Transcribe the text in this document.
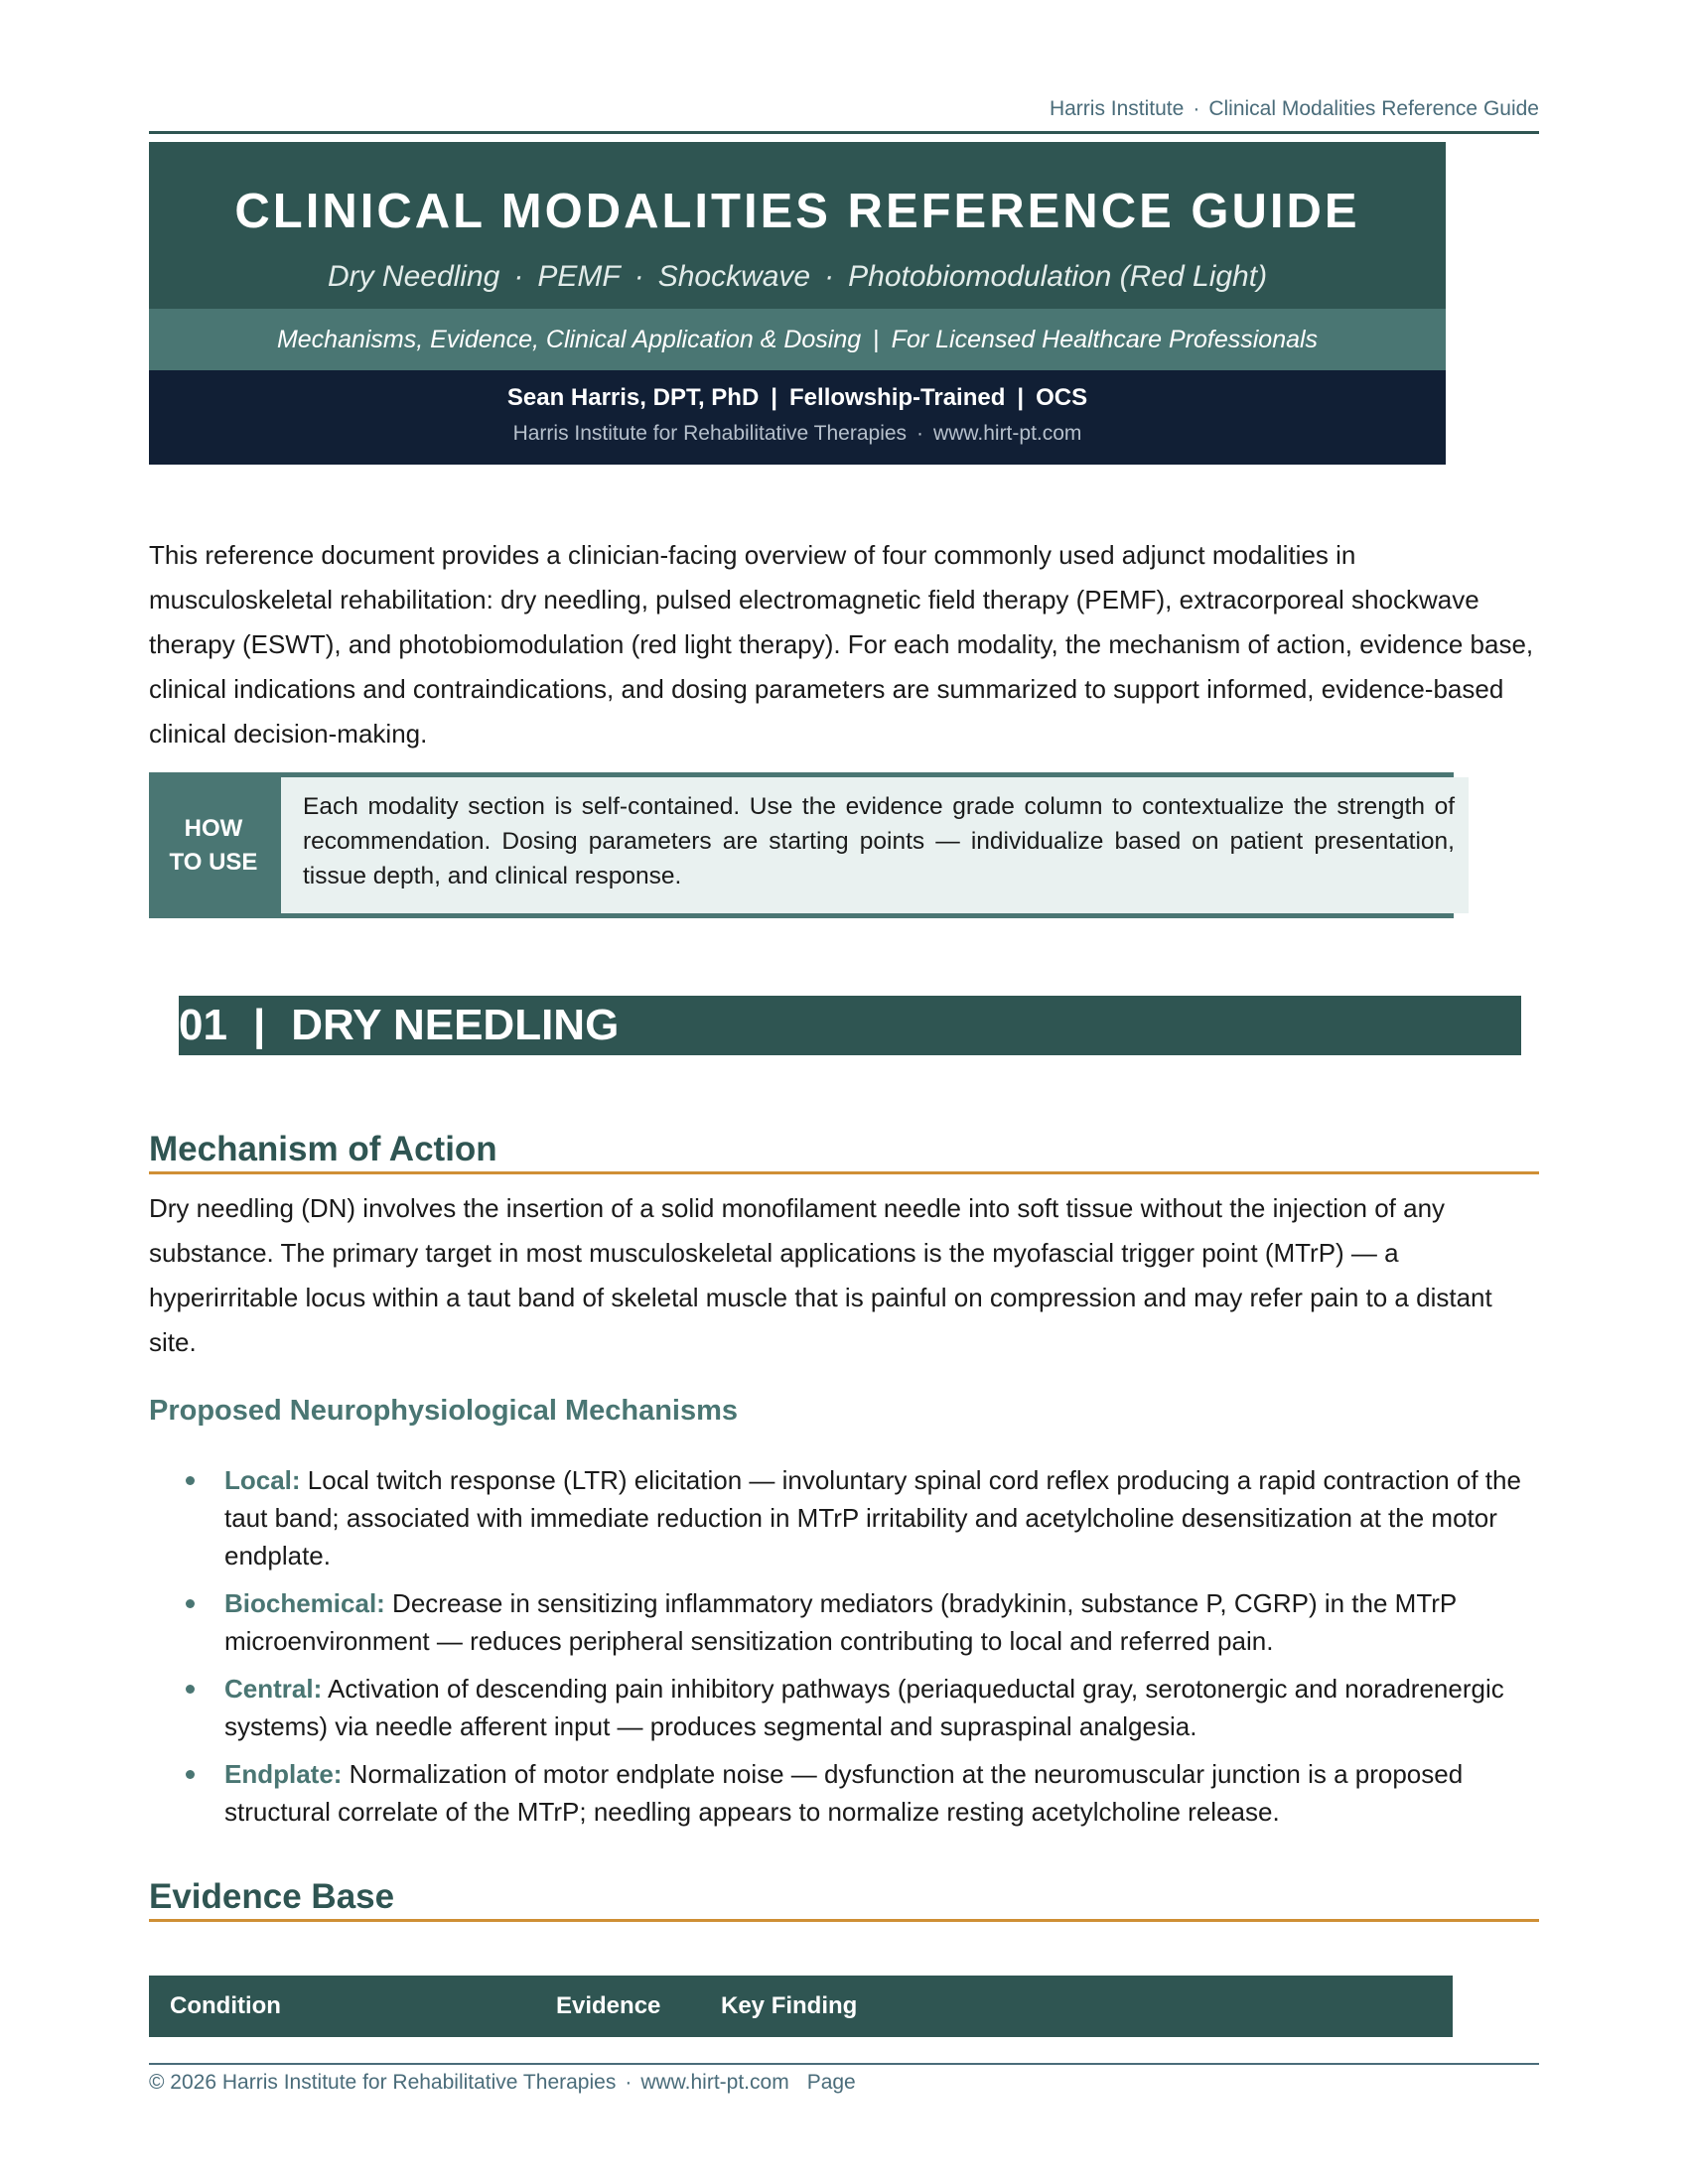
Harris Institute · Clinical Modalities Reference Guide
CLINICAL MODALITIES REFERENCE GUIDE
Dry Needling · PEMF · Shockwave · Photobiomodulation (Red Light)
Mechanisms, Evidence, Clinical Application & Dosing | For Licensed Healthcare Professionals
Sean Harris, DPT, PhD | Fellowship-Trained | OCS
Harris Institute for Rehabilitative Therapies · www.hirt-pt.com

This reference document provides a clinician-facing overview of four commonly used adjunct modalities in musculoskeletal rehabilitation: dry needling, pulsed electromagnetic field therapy (PEMF), extracorporeal shockwave therapy (ESWT), and photobiomodulation (red light therapy). For each modality, the mechanism of action, evidence base, clinical indications and contraindications, and dosing parameters are summarized to support informed, evidence-based clinical decision-making.

HOW
TO USE
Each modality section is self-contained. Use the evidence grade column to contextualize the strength of recommendation. Dosing parameters are starting points — individualize based on patient presentation, tissue depth, and clinical response.
01 | DRY NEEDLING
Mechanism of Action

Dry needling (DN) involves the insertion of a solid monofilament needle into soft tissue without the injection of any substance. The primary target in most musculoskeletal applications is the myofascial trigger point (MTrP) — a hyperirritable locus within a taut band of skeletal muscle that is painful on compression and may refer pain to a distant site.

Proposed Neurophysiological Mechanisms
Local: Local twitch response (LTR) elicitation — involuntary spinal cord reflex producing a rapid contraction of the taut band; associated with immediate reduction in MTrP irritability and acetylcholine desensitization at the motor endplate.
Biochemical: Decrease in sensitizing inflammatory mediators (bradykinin, substance P, CGRP) in the MTrP microenvironment — reduces peripheral sensitization contributing to local and referred pain.
Central: Activation of descending pain inhibitory pathways (periaqueductal gray, serotonergic and noradrenergic systems) via needle afferent input — produces segmental and supraspinal analgesia.
Endplate: Normalization of motor endplate noise — dysfunction at the neuromuscular junction is a proposed structural correlate of the MTrP; needling appears to normalize resting acetylcholine release.
Evidence Base
Condition	Evidence	Key Finding
© 2026 Harris Institute for Rehabilitative Therapies · www.hirt-pt.com Page
